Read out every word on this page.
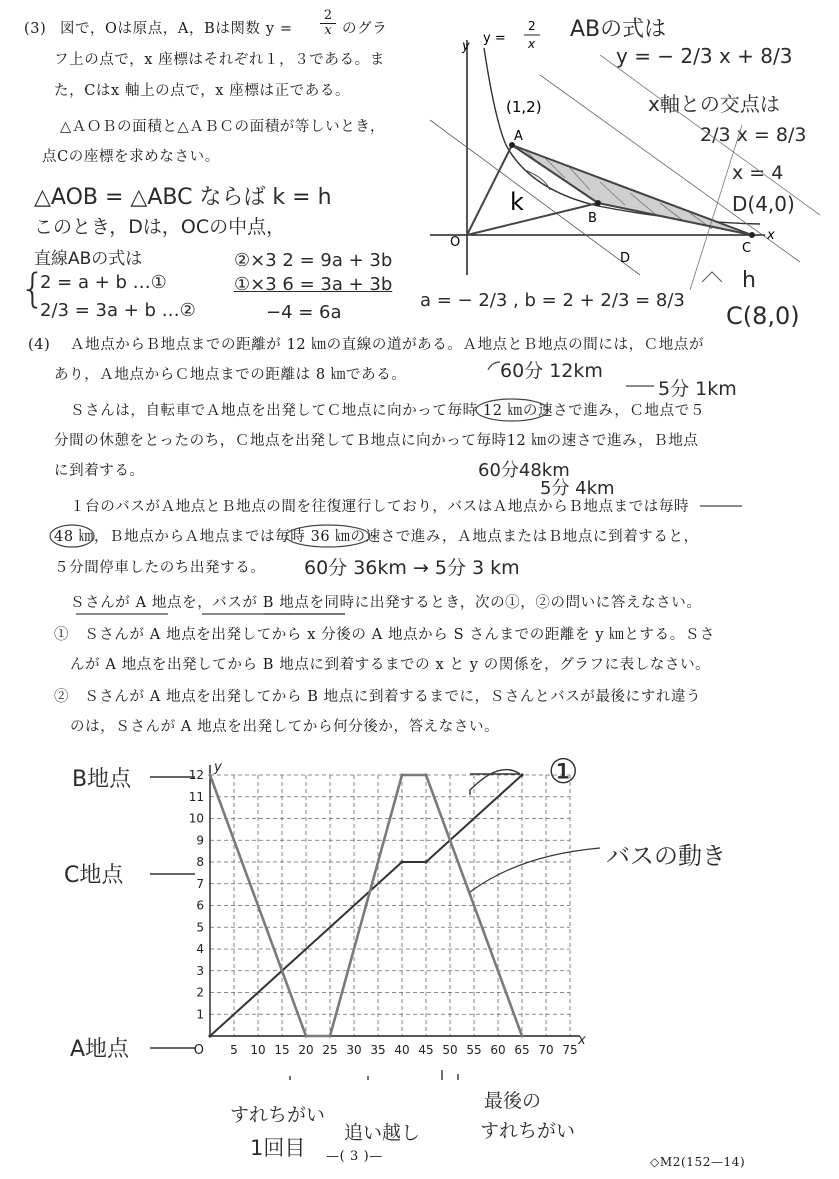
(3) 図で，Oは原点，A，Bは関数 y =
2
x のグラ
フ上の点で，x 座標はそれぞれ１，３である。ま
た，Cはx 軸上の点で，x 座標は正である。
△ＡＯＢの面積と△ＡＢＣの面積が等しいとき，
点Cの座標を求めなさい。
△AOB = △ABC ならば k = h
このとき，Dは，OCの中点，
直線ABの式は
{
2 = a + b …①
2/3 = 3a + b …②
②×3 2 = 9a + 3b
①×3 6 = 3a + 3b
−4 = 6a
a = − 2/3 , b = 2 + 2/3 = 8/3
ABの式は
y = − 2/3 x + 8/3
x軸との交点は
2/3 x = 8/3
x = 4
D(4,0)
h
C(8,0)
y
y =
2
x
x
O
A
B
C
D
(1,2)
k
(4) Ａ地点からＢ地点までの距離が 12 ㎞の直線の道がある。Ａ地点とＢ地点の間には，Ｃ地点が
あり，Ａ地点からＣ地点までの距離は 8 ㎞である。
Ｓさんは，自転車でＡ地点を出発してＣ地点に向かって毎時 12 ㎞の速さで進み，Ｃ地点で５
分間の休憩をとったのち，Ｃ地点を出発してＢ地点に向かって毎時12 ㎞の速さで進み，Ｂ地点
に到着する。
１台のバスがＡ地点とＢ地点の間を往復運行しており，バスはＡ地点からＢ地点までは毎時
48 ㎞，Ｂ地点からＡ地点までは毎時 36 ㎞の速さで進み，Ａ地点またはＢ地点に到着すると，
５分間停車したのち出発する。
Ｓさんが A 地点を，バスが B 地点を同時に出発するとき，次の①，②の問いに答えなさい。
①　Ｓさんが A 地点を出発してから x 分後の A 地点から S さんまでの距離を y ㎞とする。Ｓさ
んが A 地点を出発してから B 地点に到着するまでの x と y の関係を，グラフに表しなさい。
②　Ｓさんが A 地点を出発してから B 地点に到着するまでに，Ｓさんとバスが最後にすれ違う
のは，Ｓさんが A 地点を出発してから何分後か，答えなさい。
60分 12km
5分 1km
60分48km
5分 4km
60分 36km → 5分 3 km
5 10 15 20 25 30 35 40 45 50 55 60 65 70 75
1
2
3
4
5
6
7
8
9
10
11
12
O
x
y
B地点
C地点
A地点
①
バスの動き
すれちがい
1回目
追い越し
最後の
すれちがい
—( 3 )—	◇M2(152—14)
